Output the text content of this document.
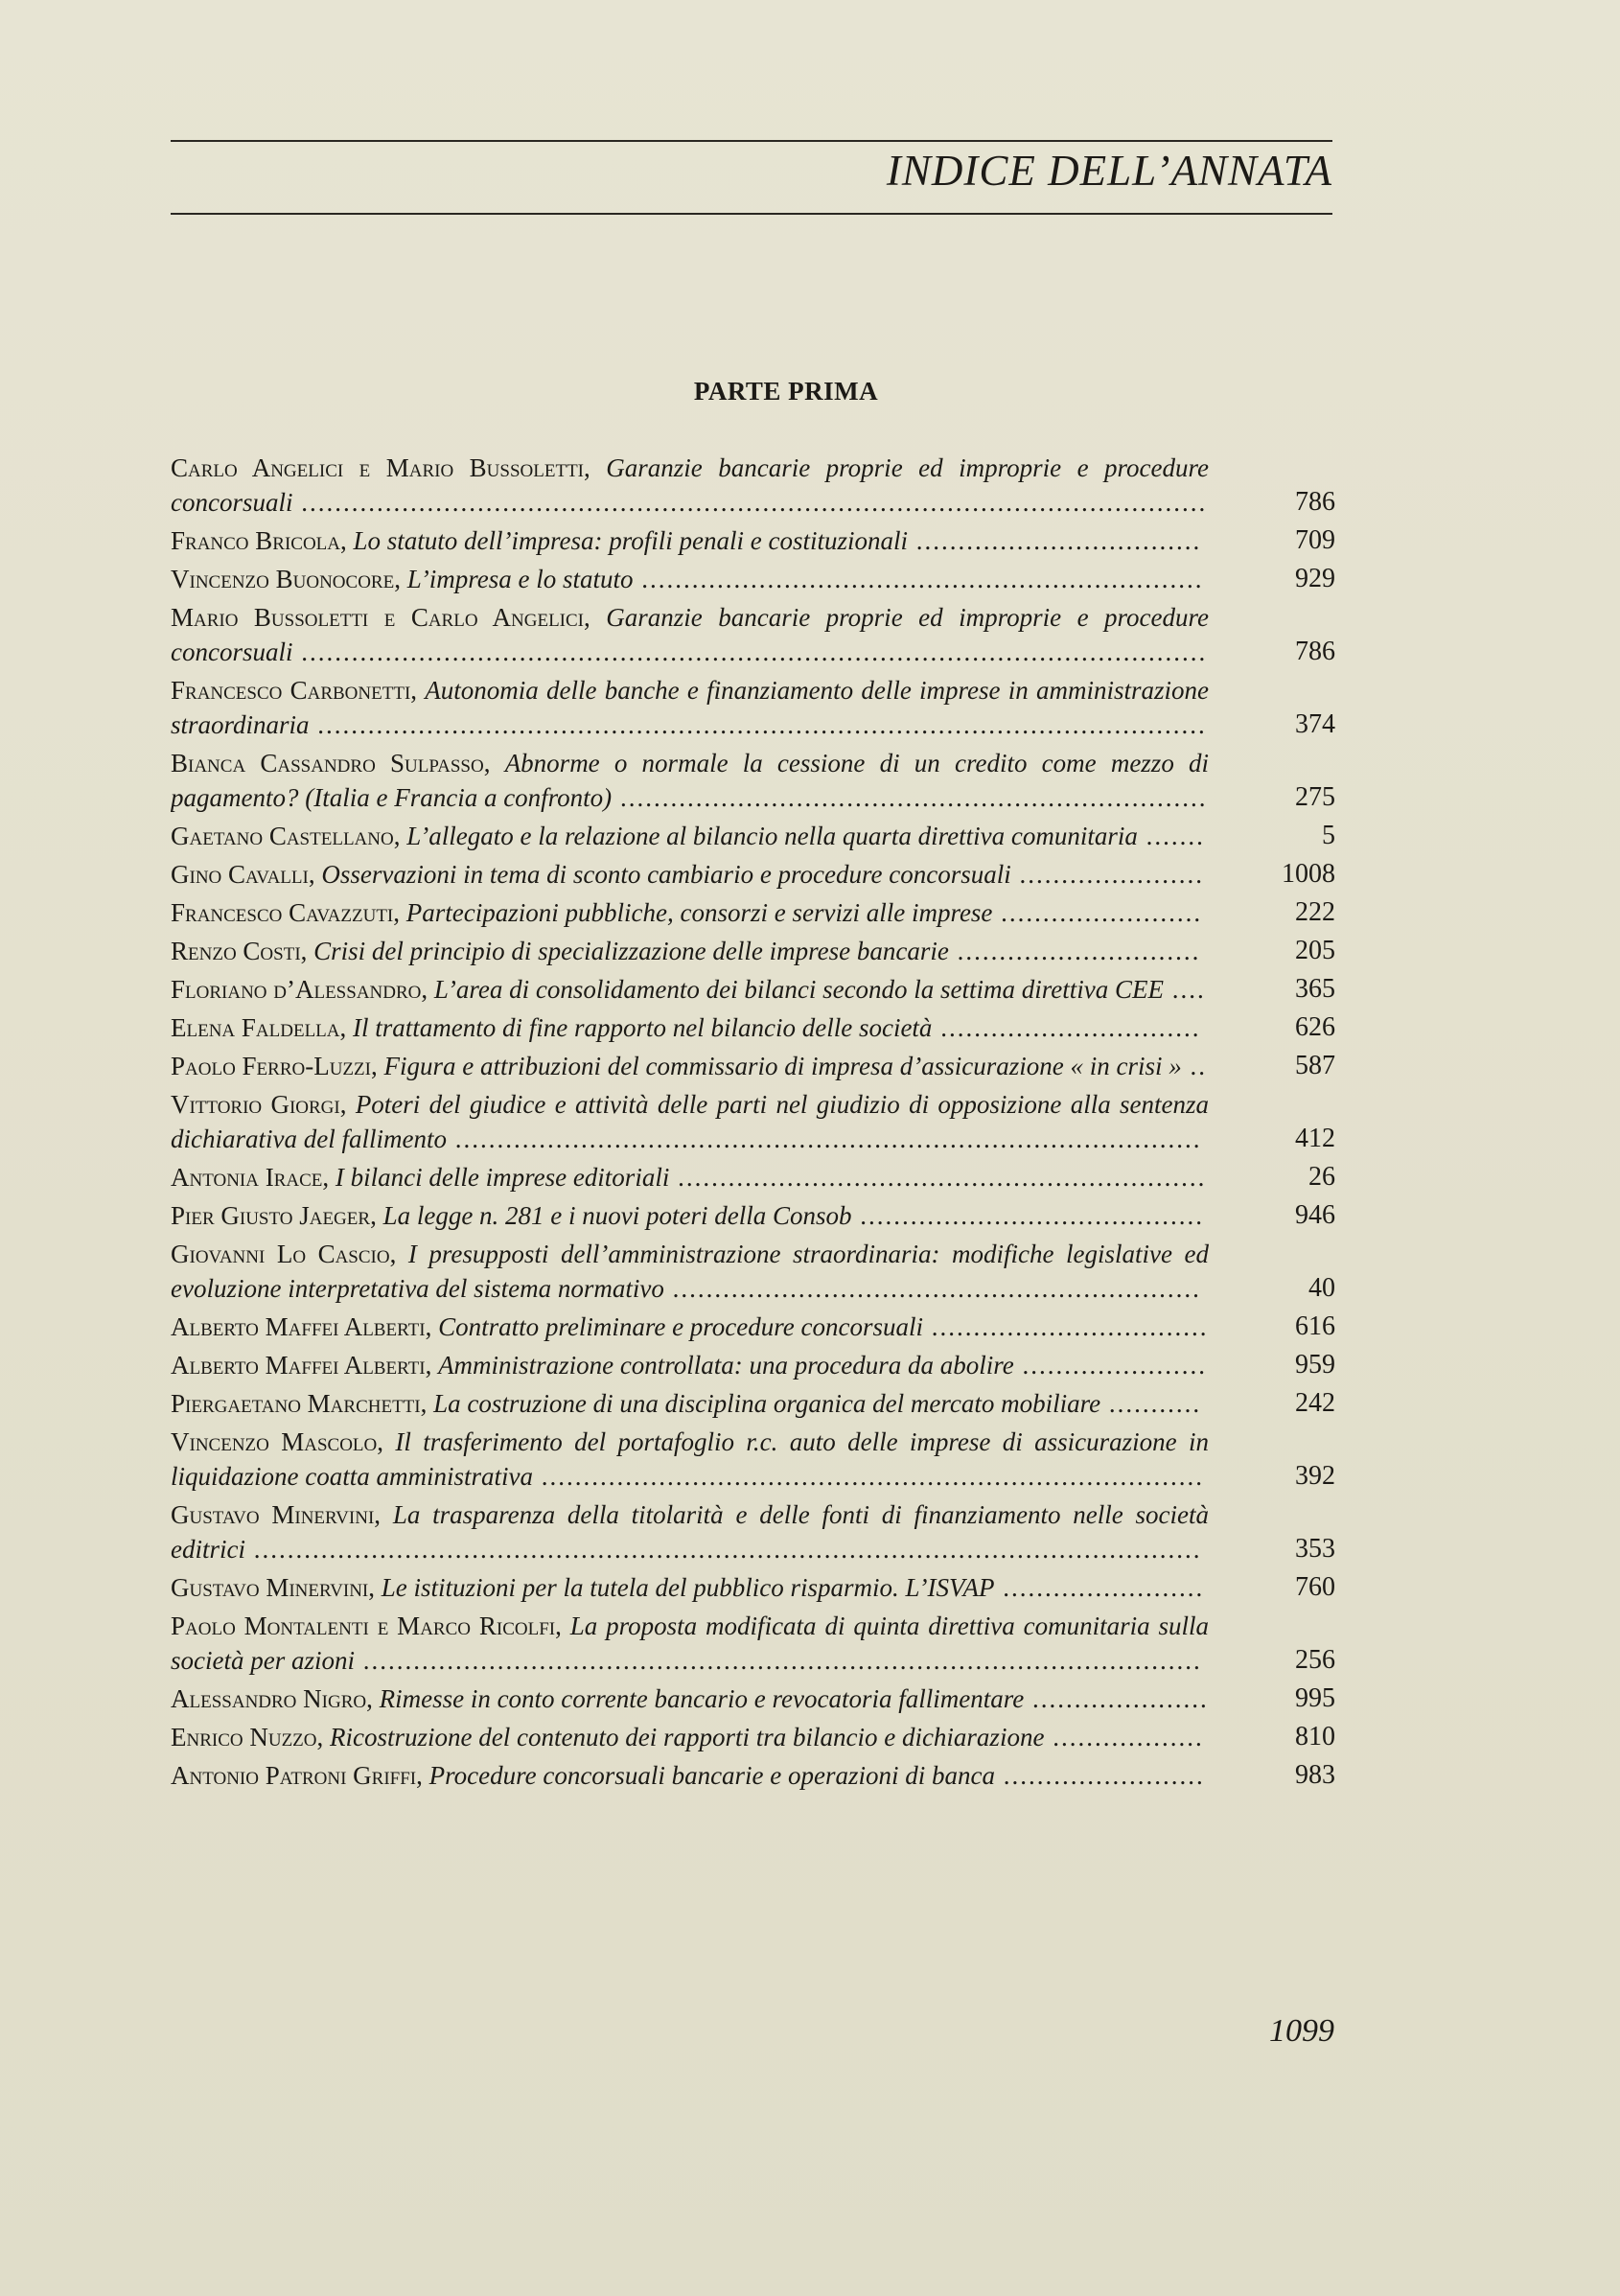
INDICE DELL’ANNATA
PARTE PRIMA
Carlo Angelici e Mario Bussoletti, Garanzie bancarie proprie ed improprie e procedure concorsuali ............................................................................................................	786
Franco Bricola, Lo statuto dell’impresa: profili penali e costituzionali ..................................	709
Vincenzo Buonocore, L’impresa e lo statuto ...................................................................	929
Mario Bussoletti e Carlo Angelici, Garanzie bancarie proprie ed improprie e procedure concorsuali ............................................................................................................	786
Francesco Carbonetti, Autonomia delle banche e finanziamento delle imprese in amministrazione straordinaria ..........................................................................................................	374
Bianca Cassandro Sulpasso, Abnorme o normale la cessione di un credito come mezzo di pagamento? (Italia e Francia a confronto) ......................................................................	275
Gaetano Castellano, L’allegato e la relazione al bilancio nella quarta direttiva comunitaria .......	5
Gino Cavalli, Osservazioni in tema di sconto cambiario e procedure concorsuali ......................	1008
Francesco Cavazzuti, Partecipazioni pubbliche, consorzi e servizi alle imprese ........................	222
Renzo Costi, Crisi del principio di specializzazione delle imprese bancarie .............................	205
Floriano d’Alessandro, L’area di consolidamento dei bilanci secondo la settima direttiva CEE ....	365
Elena Faldella, Il trattamento di fine rapporto nel bilancio delle società ...............................	626
Paolo Ferro-Luzzi, Figura e attribuzioni del commissario di impresa d’assicurazione « in crisi » ..	587
Vittorio Giorgi, Poteri del giudice e attività delle parti nel giudizio di opposizione alla sentenza dichiarativa del fallimento .........................................................................................	412
Antonia Irace, I bilanci delle imprese editoriali ...............................................................	26
Pier Giusto Jaeger, La legge n. 281 e i nuovi poteri della Consob .........................................	946
Giovanni Lo Cascio, I presupposti dell’amministrazione straordinaria: modifiche legislative ed evoluzione interpretativa del sistema normativo ...............................................................	40
Alberto Maffei Alberti, Contratto preliminare e procedure concorsuali .................................	616
Alberto Maffei Alberti, Amministrazione controllata: una procedura da abolire ......................	959
Piergaetano Marchetti, La costruzione di una disciplina organica del mercato mobiliare ...........	242
Vincenzo Mascolo, Il trasferimento del portafoglio r.c. auto delle imprese di assicurazione in liquidazione coatta amministrativa ...............................................................................	392
Gustavo Minervini, La trasparenza della titolarità e delle fonti di finanziamento nelle società editrici .................................................................................................................	353
Gustavo Minervini, Le istituzioni per la tutela del pubblico risparmio. L’ISVAP ........................	760
Paolo Montalenti e Marco Ricolfi, La proposta modificata di quinta direttiva comunitaria sulla società per azioni ....................................................................................................	256
Alessandro Nigro, Rimesse in conto corrente bancario e revocatoria fallimentare .....................	995
Enrico Nuzzo, Ricostruzione del contenuto dei rapporti tra bilancio e dichiarazione ..................	810
Antonio Patroni Griffi, Procedure concorsuali bancarie e operazioni di banca ........................	983
1099
